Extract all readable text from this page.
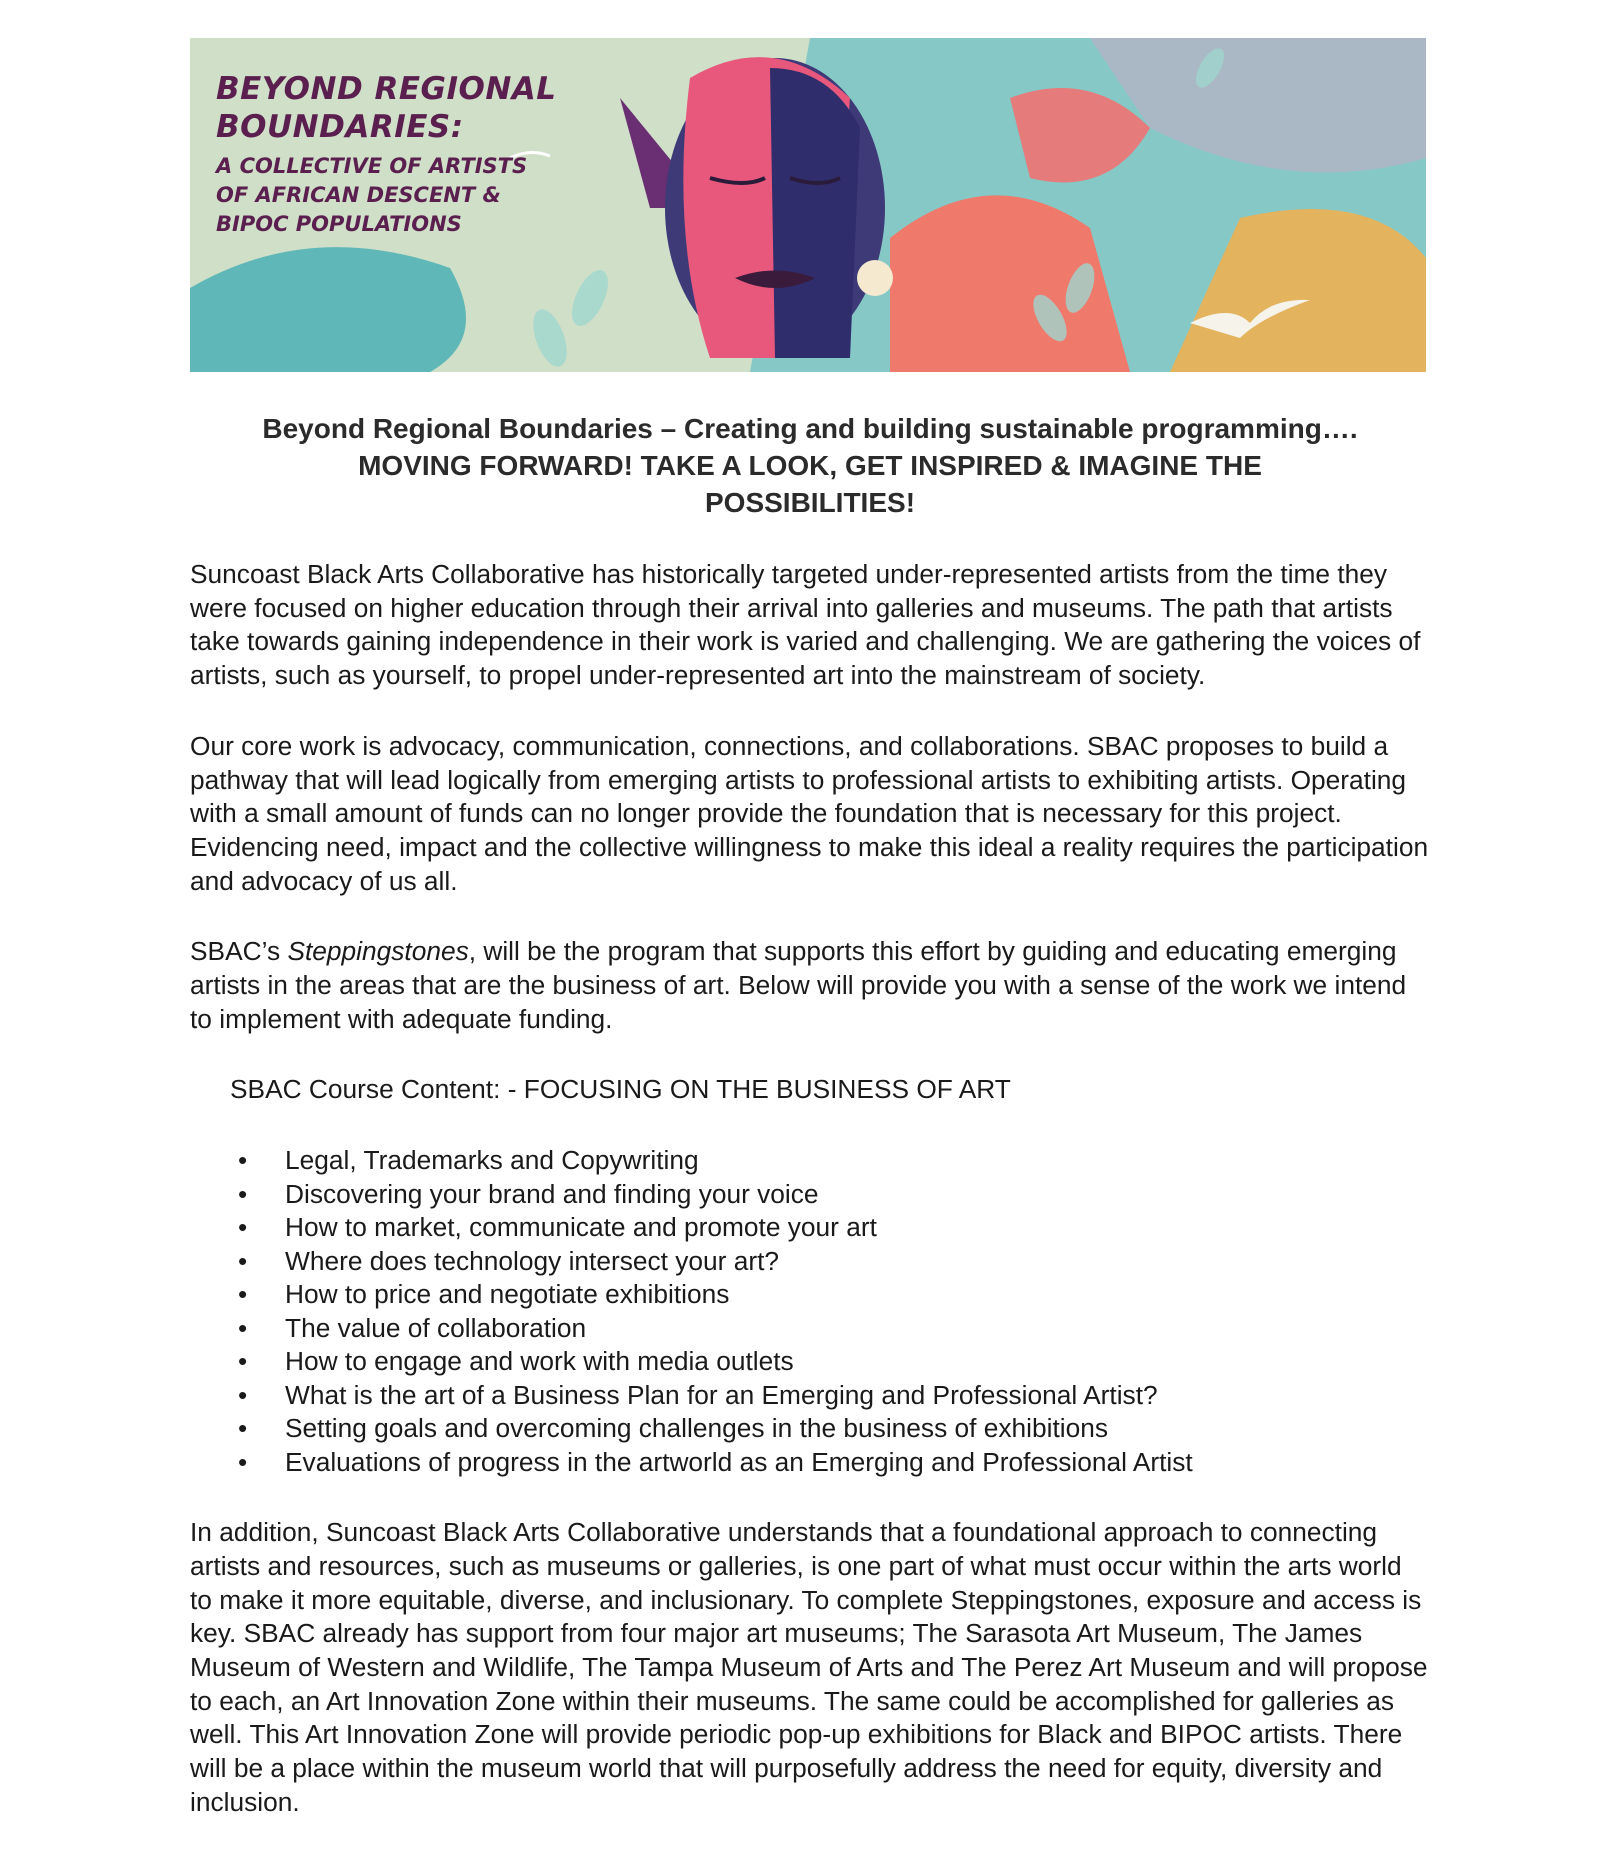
BEYOND REGIONAL
BOUNDARIES:
A COLLECTIVE OF ARTISTS
OF AFRICAN DESCENT &
BIPOC POPULATIONS
Beyond Regional Boundaries – Creating and building sustainable programming….
MOVING FORWARD! TAKE A LOOK, GET INSPIRED & IMAGINE THE
POSSIBILITIES!

Suncoast Black Arts Collaborative has historically targeted under-represented artists from the time they were focused on higher education through their arrival into galleries and museums. The path that artists take towards gaining independence in their work is varied and challenging. We are gathering the voices of artists, such as yourself, to propel under-represented art into the mainstream of society.

Our core work is advocacy, communication, connections, and collaborations. SBAC proposes to build a pathway that will lead logically from emerging artists to professional artists to exhibiting artists. Operating with a small amount of funds can no longer provide the foundation that is necessary for this project. Evidencing need, impact and the collective willingness to make this ideal a reality requires the participation and advocacy of us all.

SBAC’s Steppingstones, will be the program that supports this effort by guiding and educating emerging artists in the areas that are the business of art. Below will provide you with a sense of the work we intend to implement with adequate funding.

SBAC Course Content: - FOCUSING ON THE BUSINESS OF ART
• Legal, Trademarks and Copywriting
• Discovering your brand and finding your voice
• How to market, communicate and promote your art
• Where does technology intersect your art?
• How to price and negotiate exhibitions
• The value of collaboration
• How to engage and work with media outlets
• What is the art of a Business Plan for an Emerging and Professional Artist?
• Setting goals and overcoming challenges in the business of exhibitions
• Evaluations of progress in the artworld as an Emerging and Professional Artist

In addition, Suncoast Black Arts Collaborative understands that a foundational approach to connecting artists and resources, such as museums or galleries, is one part of what must occur within the arts world to make it more equitable, diverse, and inclusionary. To complete Steppingstones, exposure and access is key. SBAC already has support from four major art museums; The Sarasota Art Museum, The James Museum of Western and Wildlife, The Tampa Museum of Arts and The Perez Art Museum and will propose to each, an Art Innovation Zone within their museums. The same could be accomplished for galleries as well. This Art Innovation Zone will provide periodic pop-up exhibitions for Black and BIPOC artists. There will be a place within the museum world that will purposefully address the need for equity, diversity and inclusion.
